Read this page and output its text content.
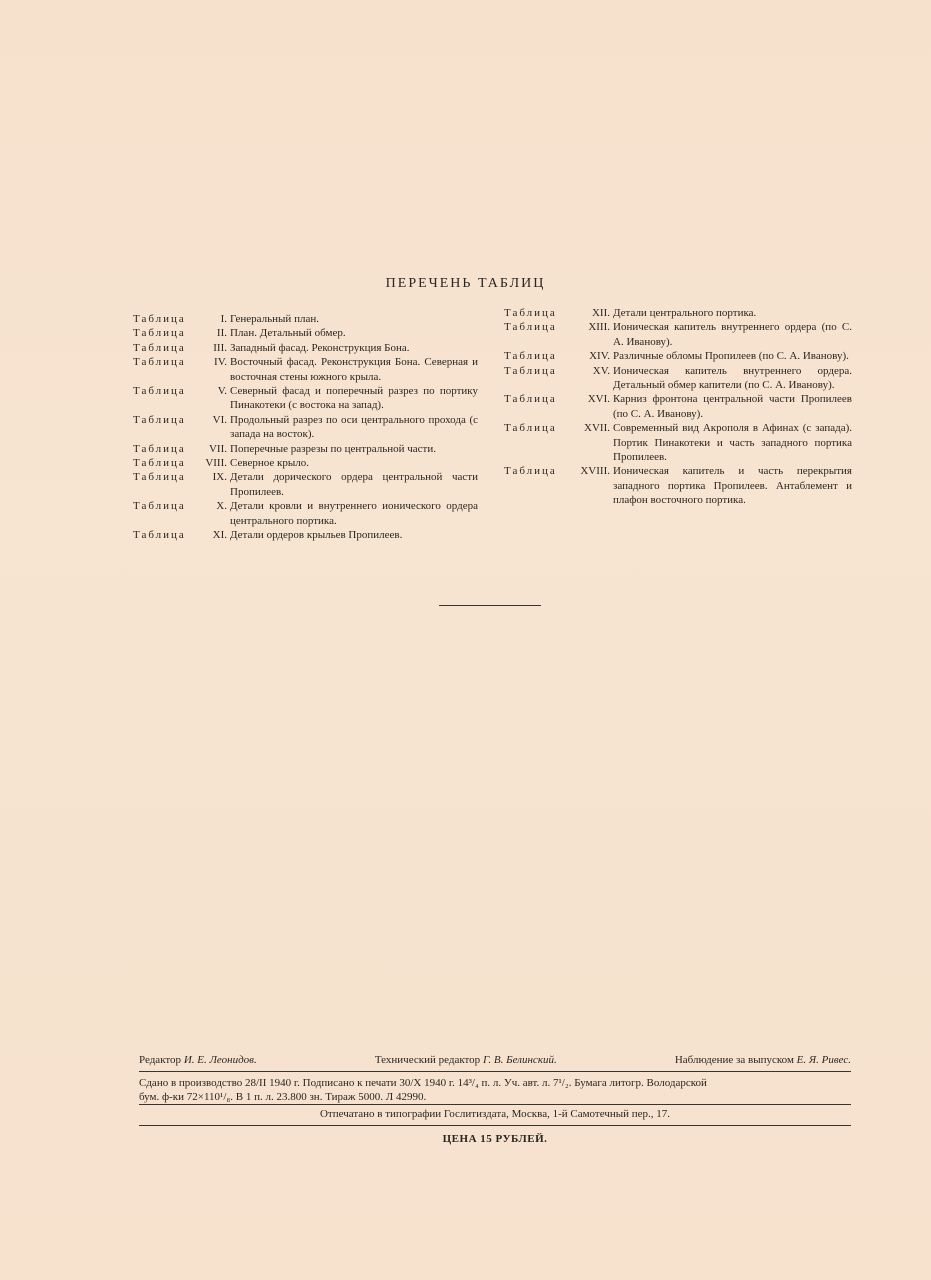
ПЕРЕЧЕНЬ ТАБЛИЦ
Таблица	I. Генеральный план.
Таблица	II. План. Детальный обмер.
Таблица	III. Западный фасад. Реконструкция Бона.
Таблица	IV. Восточный фасад. Реконструкция Бона. Северная и восточная стены южного крыла.
Таблица	V. Северный фасад и поперечный разрез по портику Пинакотеки (с востока на запад).
Таблица	VI. Продольный разрез по оси центрального прохода (с запада на восток).
Таблица	VII. Поперечные разрезы по центральной части.
Таблица	VIII. Северное крыло.
Таблица	IX. Детали дорического ордера центральной части Пропилеев.
Таблица	X. Детали кровли и внутреннего ионического ордера центрального портика.
Таблица	XI. Детали ордеров крыльев Пропилеев.
Таблица	XII. Детали центрального портика.
Таблица	XIII. Ионическая капитель внутреннего ордера (по С. А. Иванову).
Таблица	XIV. Различные обломы Пропилеев (по С. А. Иванову).
Таблица	XV. Ионическая капитель внутреннего ордера. Детальный обмер капители (по С. А. Иванову).
Таблица	XVI. Карниз фронтона центральной части Пропилеев (по С. А. Иванову).
Таблица	XVII. Современный вид Акрополя в Афинах (с запада). Портик Пинакотеки и часть западного портика Пропилеев.
Таблица	XVIII. Ионическая капитель и часть перекрытия западного портика Пропилеев. Антаблемент и плафон восточного портика.
Редактор И. Е. Леонидов.	Технический редактор Г. В. Белинский.	Наблюдение за выпуском Е. Я. Ривес.
Сдано в производство 28/II 1940 г. Подписано к печати 30/X 1940 г. 14³/₄ п. л. Уч. авт. л. 7¹/₂. Бумага литогр. Володарской
бум. ф-ки 72×110¹/₈. В 1 п. л. 23.800 зн. Тираж 5000. Л 42990.
Отпечатано в типографии Гослитиздата, Москва, 1-й Самотечный пер., 17.
ЦЕНА 15 РУБЛЕЙ.
